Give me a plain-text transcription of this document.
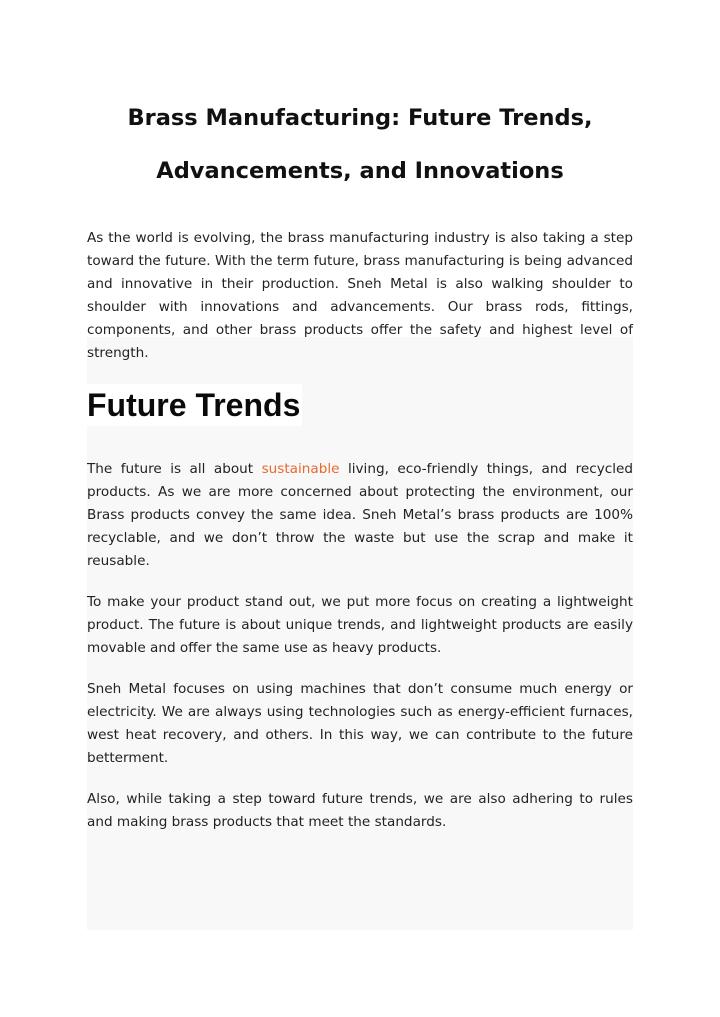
Brass Manufacturing: Future Trends,
Advancements, and Innovations

As the world is evolving, the brass manufacturing industry is also taking a step toward the future. With the term future, brass manufacturing is being advanced and innovative in their production. Sneh Metal is also walking shoulder to shoulder with innovations and advancements. Our brass rods, fittings, components, and other brass products offer the safety and highest level of strength.

Future Trends

The future is all about sustainable living, eco-friendly things, and recycled products. As we are more concerned about protecting the environment, our Brass products convey the same idea. Sneh Metal’s brass products are 100% recyclable, and we don’t throw the waste but use the scrap and make it reusable.

To make your product stand out, we put more focus on creating a lightweight product. The future is about unique trends, and lightweight products are easily movable and offer the same use as heavy products.

Sneh Metal focuses on using machines that don’t consume much energy or electricity. We are always using technologies such as energy-efficient furnaces, west heat recovery, and others. In this way, we can contribute to the future betterment.

Also, while taking a step toward future trends, we are also adhering to rules and making brass products that meet the standards.
